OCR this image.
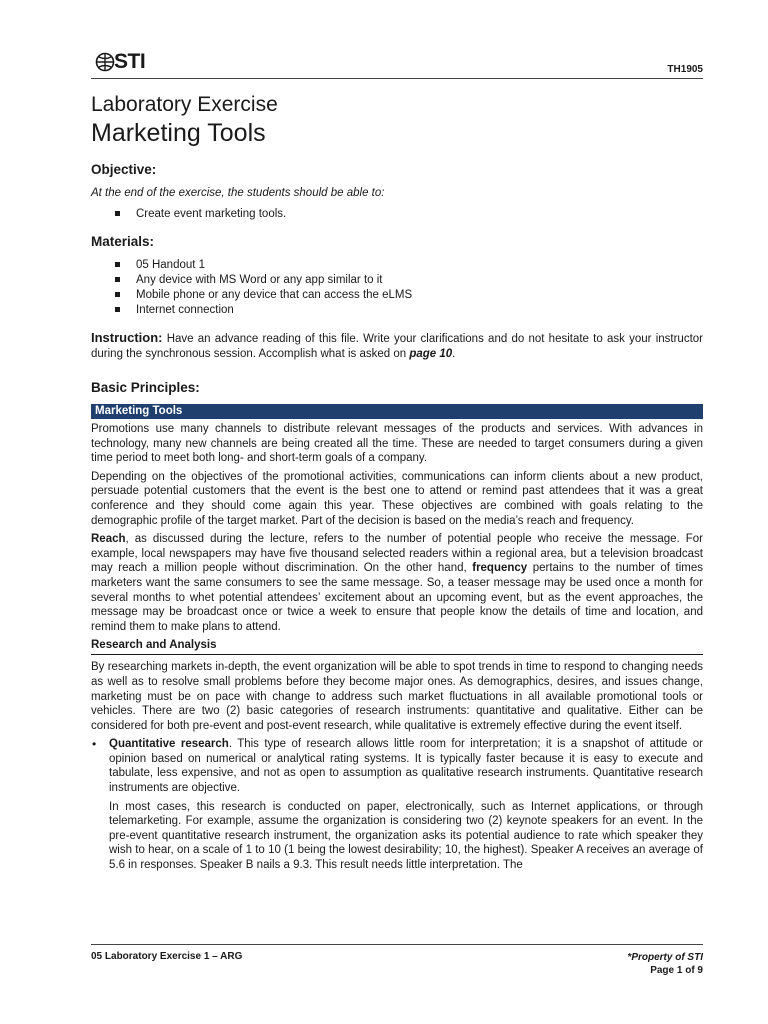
STI	TH1905
Laboratory Exercise
Marketing Tools
Objective:

At the end of the exercise, the students should be able to:

Create event marketing tools.
Materials:
05 Handout 1
Any device with MS Word or any app similar to it
Mobile phone or any device that can access the eLMS
Internet connection

Instruction: Have an advance reading of this file. Write your clarifications and do not hesitate to ask your instructor during the synchronous session. Accomplish what is asked on page 10.

Basic Principles:
Marketing Tools

Promotions use many channels to distribute relevant messages of the products and services. With advances in technology, many new channels are being created all the time. These are needed to target consumers during a given time period to meet both long- and short-term goals of a company.

Depending on the objectives of the promotional activities, communications can inform clients about a new product, persuade potential customers that the event is the best one to attend or remind past attendees that it was a great conference and they should come again this year. These objectives are combined with goals relating to the demographic profile of the target market. Part of the decision is based on the media’s reach and frequency.

Reach, as discussed during the lecture, refers to the number of potential people who receive the message. For example, local newspapers may have five thousand selected readers within a regional area, but a television broadcast may reach a million people without discrimination. On the other hand, frequency pertains to the number of times marketers want the same consumers to see the same message. So, a teaser message may be used once a month for several months to whet potential attendees’ excitement about an upcoming event, but as the event approaches, the message may be broadcast once or twice a week to ensure that people know the details of time and location, and remind them to make plans to attend.

Research and Analysis

By researching markets in-depth, the event organization will be able to spot trends in time to respond to changing needs as well as to resolve small problems before they become major ones. As demographics, desires, and issues change, marketing must be on pace with change to address such market fluctuations in all available promotional tools or vehicles. There are two (2) basic categories of research instruments: quantitative and qualitative. Either can be considered for both pre-event and post-event research, while qualitative is extremely effective during the event itself.

• Quantitative research. This type of research allows little room for interpretation; it is a snapshot of attitude or opinion based on numerical or analytical rating systems. It is typically faster because it is easy to execute and tabulate, less expensive, and not as open to assumption as qualitative research instruments. Quantitative research instruments are objective.

In most cases, this research is conducted on paper, electronically, such as Internet applications, or through telemarketing. For example, assume the organization is considering two (2) keynote speakers for an event. In the pre-event quantitative research instrument, the organization asks its potential audience to rate which speaker they wish to hear, on a scale of 1 to 10 (1 being the lowest desirability; 10, the highest). Speaker A receives an average of 5.6 in responses. Speaker B nails a 9.3. This result needs little interpretation. The

05 Laboratory Exercise 1 – ARG	*Property of STI
Page 1 of 9
